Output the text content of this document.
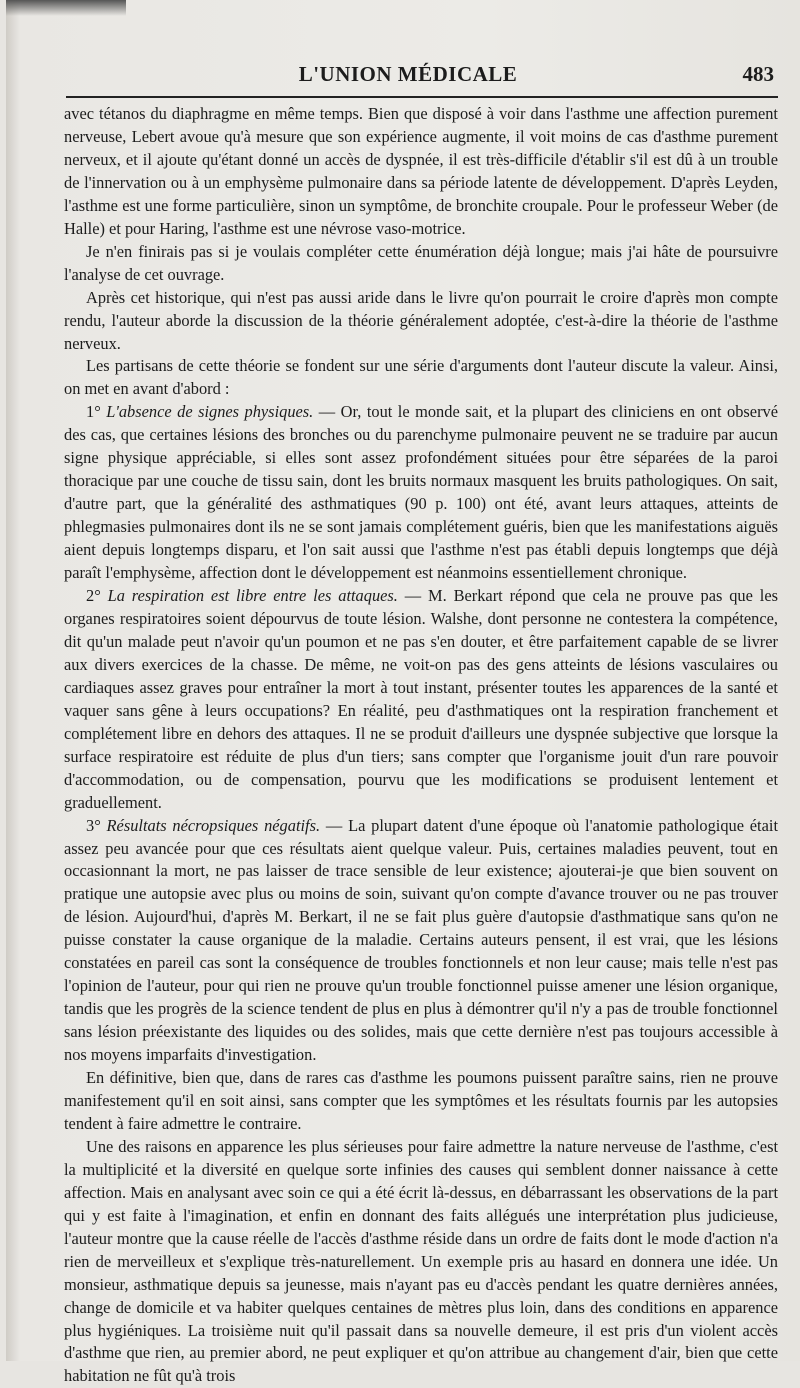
L'UNION MÉDICALE	483

avec tétanos du diaphragme en même temps. Bien que disposé à voir dans l'asthme une affection purement nerveuse, Lebert avoue qu'à mesure que son expérience augmente, il voit moins de cas d'asthme purement nerveux, et il ajoute qu'étant donné un accès de dyspnée, il est très-difficile d'établir s'il est dû à un trouble de l'innervation ou à un emphysème pulmonaire dans sa période latente de développement. D'après Leyden, l'asthme est une forme particulière, sinon un symptôme, de bronchite croupale. Pour le professeur Weber (de Halle) et pour Haring, l'asthme est une névrose vaso-motrice.

Je n'en finirais pas si je voulais compléter cette énumération déjà longue; mais j'ai hâte de poursuivre l'analyse de cet ouvrage.

Après cet historique, qui n'est pas aussi aride dans le livre qu'on pourrait le croire d'après mon compte rendu, l'auteur aborde la discussion de la théorie généralement adoptée, c'est-à-dire la théorie de l'asthme nerveux.

Les partisans de cette théorie se fondent sur une série d'arguments dont l'auteur discute la valeur. Ainsi, on met en avant d'abord :

1° L'absence de signes physiques. — Or, tout le monde sait, et la plupart des cliniciens en ont observé des cas, que certaines lésions des bronches ou du parenchyme pulmonaire peuvent ne se traduire par aucun signe physique appréciable, si elles sont assez profondément situées pour être séparées de la paroi thoracique par une couche de tissu sain, dont les bruits normaux masquent les bruits pathologiques. On sait, d'autre part, que la généralité des asthmatiques (90 p. 100) ont été, avant leurs attaques, atteints de phlegmasies pulmonaires dont ils ne se sont jamais complétement guéris, bien que les manifestations aiguës aient depuis longtemps disparu, et l'on sait aussi que l'asthme n'est pas établi depuis longtemps que déjà paraît l'emphysème, affection dont le développement est néanmoins essentiellement chronique.

2° La respiration est libre entre les attaques. — M. Berkart répond que cela ne prouve pas que les organes respiratoires soient dépourvus de toute lésion. Walshe, dont personne ne contestera la compétence, dit qu'un malade peut n'avoir qu'un poumon et ne pas s'en douter, et être parfaitement capable de se livrer aux divers exercices de la chasse. De même, ne voit-on pas des gens atteints de lésions vasculaires ou cardiaques assez graves pour entraîner la mort à tout instant, présenter toutes les apparences de la santé et vaquer sans gêne à leurs occupations? En réalité, peu d'asthmatiques ont la respiration franchement et complétement libre en dehors des attaques. Il ne se produit d'ailleurs une dyspnée subjective que lorsque la surface respiratoire est réduite de plus d'un tiers; sans compter que l'organisme jouit d'un rare pouvoir d'accommodation, ou de compensation, pourvu que les modifications se produisent lentement et graduellement.

3° Résultats nécropsiques négatifs. — La plupart datent d'une époque où l'anatomie pathologique était assez peu avancée pour que ces résultats aient quelque valeur. Puis, certaines maladies peuvent, tout en occasionnant la mort, ne pas laisser de trace sensible de leur existence; ajouterai-je que bien souvent on pratique une autopsie avec plus ou moins de soin, suivant qu'on compte d'avance trouver ou ne pas trouver de lésion. Aujourd'hui, d'après M. Berkart, il ne se fait plus guère d'autopsie d'asthmatique sans qu'on ne puisse constater la cause organique de la maladie. Certains auteurs pensent, il est vrai, que les lésions constatées en pareil cas sont la conséquence de troubles fonctionnels et non leur cause; mais telle n'est pas l'opinion de l'auteur, pour qui rien ne prouve qu'un trouble fonctionnel puisse amener une lésion organique, tandis que les progrès de la science tendent de plus en plus à démontrer qu'il n'y a pas de trouble fonctionnel sans lésion préexistante des liquides ou des solides, mais que cette dernière n'est pas toujours accessible à nos moyens imparfaits d'investigation.

En définitive, bien que, dans de rares cas d'asthme les poumons puissent paraître sains, rien ne prouve manifestement qu'il en soit ainsi, sans compter que les symptômes et les résultats fournis par les autopsies tendent à faire admettre le contraire.

Une des raisons en apparence les plus sérieuses pour faire admettre la nature nerveuse de l'asthme, c'est la multiplicité et la diversité en quelque sorte infinies des causes qui semblent donner naissance à cette affection. Mais en analysant avec soin ce qui a été écrit là-dessus, en débarrassant les observations de la part qui y est faite à l'imagination, et enfin en donnant des faits allégués une interprétation plus judicieuse, l'auteur montre que la cause réelle de l'accès d'asthme réside dans un ordre de faits dont le mode d'action n'a rien de merveilleux et s'explique très-naturellement. Un exemple pris au hasard en donnera une idée. Un monsieur, asthmatique depuis sa jeunesse, mais n'ayant pas eu d'accès pendant les quatre dernières années, change de domicile et va habiter quelques centaines de mètres plus loin, dans des conditions en apparence plus hygiéniques. La troisième nuit qu'il passait dans sa nouvelle demeure, il est pris d'un violent accès d'asthme que rien, au premier abord, ne peut expliquer et qu'on attribue au changement d'air, bien que cette habitation ne fût qu'à trois
